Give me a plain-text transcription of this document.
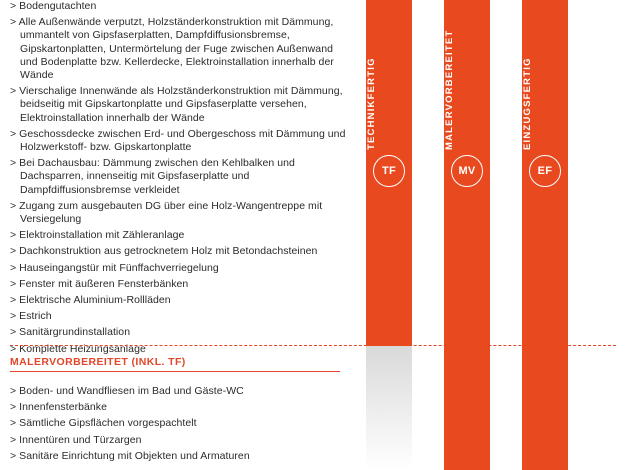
> Bodengutachten
> Alle Außenwände verputzt, Holzständerkonstruktion mit Dämmung, ummantelt von Gipsfaserplatten, Dampfdiffusionsbremse, Gipskartonplatten, Untermörtelung der Fuge zwischen Außenwand und Bodenplatte bzw. Kellerdecke, Elektroinstallation innerhalb der Wände
> Vierschalige Innenwände als Holzständerkonstruktion mit Dämmung, beidseitig mit Gipskartonplatte und Gipsfaserplatte versehen, Elektroinstallation innerhalb der Wände
> Geschossdecke zwischen Erd- und Obergeschoss mit Dämmung und Holzwerkstoff- bzw. Gipskartonplatte
> Bei Dachausbau: Dämmung zwischen den Kehlbalken und Dachsparren, innenseitig mit Gipsfaserplatte und Dampfdiffusionsbremse verkleidet
> Zugang zum ausgebauten DG über eine Holz-Wangentreppe mit Versiegelung
> Elektroinstallation mit Zähleranlage
> Dachkonstruktion aus getrocknetem Holz mit Betondachsteinen
> Hauseingangstür mit Fünffachverriegelung
> Fenster mit äußeren Fensterbänken
> Elektrische Aluminium-Rollläden
> Estrich
> Sanitärgrundinstallation
> Komplette Heizungsanlage
MALERVORBEREITET (INKL. TF)
> Boden- und Wandfliesen im Bad und Gäste-WC
> Innenfensterbänke
> Sämtliche Gipsflächen vorgespachtelt
> Innentüren und Türzargen
> Sanitäre Einrichtung mit Objekten und Armaturen
TECHNIKFERTIG
TF
MALERVORBEREITET
MV
EINZUGSFERTIG
EF
